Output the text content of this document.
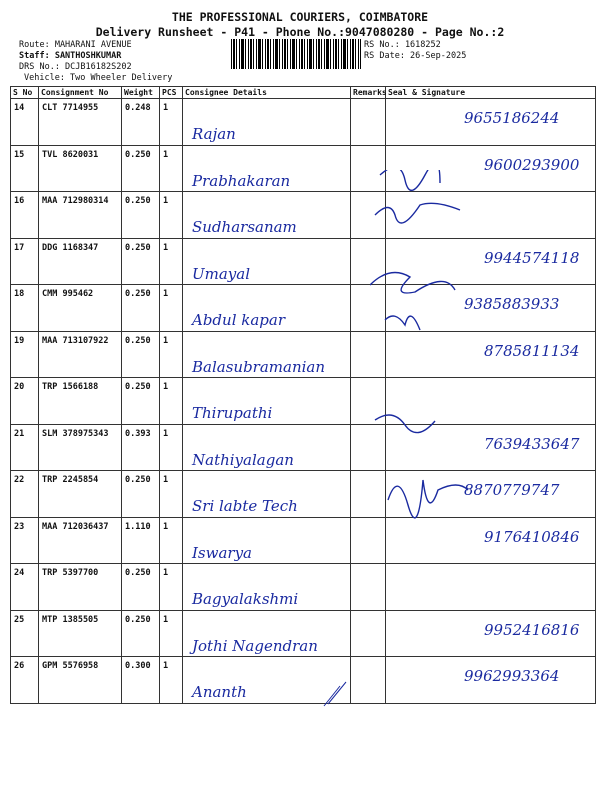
THE PROFESSIONAL COURIERS, COIMBATORE
Delivery Runsheet - P41 - Phone No.:9047080280 - Page No.:2
Route: MAHARANI AVENUE
Staff: SANTHOSHKUMAR
DRS No.: DCJB16182S202
Vehicle: Two Wheeler Delivery
RS No.: 1618252
RS Date: 26-Sep-2025
S No	Consignment No	Weight	PCS	Consignee Details	Remarks	Seal & Signature
14	CLT 7714955	0.248	1	Rajan		9655186244

15	TVL 8620031	0.250	1	Prabhakaran		9600293900

16	MAA 712980314	0.250	1	Sudharsanam		

17	DDG 1168347	0.250	1	Umayal		9944574118

18	CMM 995462	0.250	1	Abdul kapar		9385883933

19	MAA 713107922	0.250	1	Balasubramanian		8785811134

20	TRP 1566188	0.250	1	Thirupathi		

21	SLM 378975343	0.393	1	Nathiyalagan		7639433647

22	TRP 2245854	0.250	1	Sri labte Tech		8870779747

23	MAA 712036437	1.110	1	Iswarya		9176410846

24	TRP 5397700	0.250	1	Bagyalakshmi		

25	MTP 1385505	0.250	1	Jothi Nagendran		9952416816

26	GPM 5576958	0.300	1	Ananth		9962993364
